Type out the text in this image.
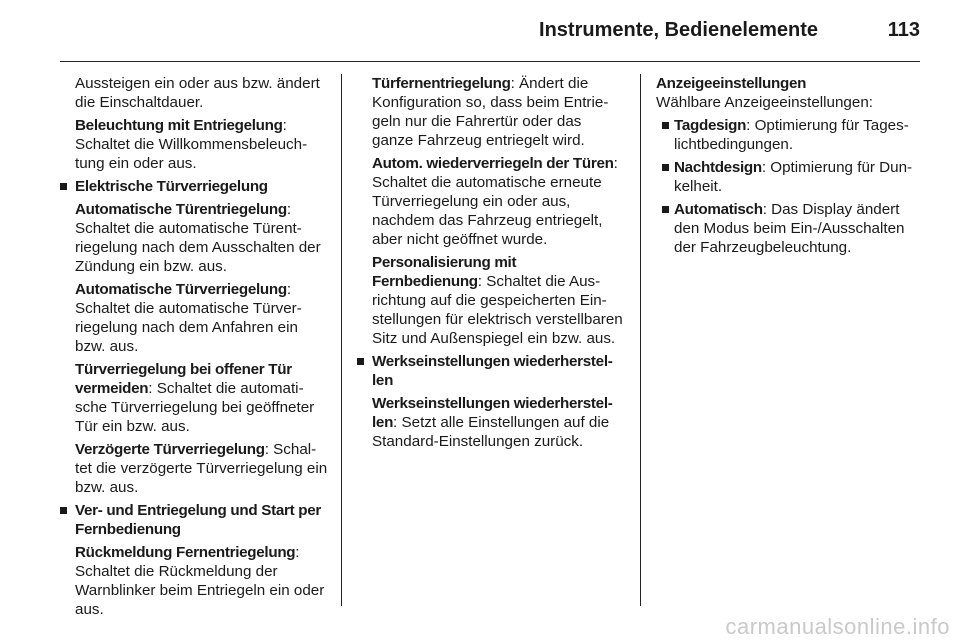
Instrumente, Bedienelemente	113

Aussteigen ein oder aus bzw. ändert die Einschaltdauer.

Beleuchtung mit Entriegelung: Schaltet die Willkommensbeleuchtung ein oder aus.

Elektrische Türverriegelung

Automatische Türentriegelung: Schaltet die automatische Türentriegelung nach dem Ausschalten der Zündung ein bzw. aus.

Automatische Türverriegelung: Schaltet die automatische Türverriegelung nach dem Anfahren ein bzw. aus.

Türverriegelung bei offener Tür vermeiden: Schaltet die automatische Türverriegelung bei geöffneter Tür ein bzw. aus.

Verzögerte Türverriegelung: Schaltet die verzögerte Türverriegelung ein bzw. aus.

Ver- und Entriegelung und Start per Fernbedienung

Rückmeldung Fernentriegelung: Schaltet die Rückmeldung der Warnblinker beim Entriegeln ein oder aus.

Türfernentriegelung: Ändert die Konfiguration so, dass beim Entriegeln nur die Fahrertür oder das ganze Fahrzeug entriegelt wird.

Autom. wiederverriegeln der Türen: Schaltet die automatische erneute Türverriegelung ein oder aus, nachdem das Fahrzeug entriegelt, aber nicht geöffnet wurde.

Personalisierung mit Fernbedienung: Schaltet die Ausrichtung auf die gespeicherten Einstellungen für elektrisch verstellbaren Sitz und Außenspiegel ein bzw. aus.

Werkseinstellungen wiederherstellen

Werkseinstellungen wiederherstellen: Setzt alle Einstellungen auf die Standard-Einstellungen zurück.

Anzeigeeinstellungen

Wählbare Anzeigeeinstellungen:

Tagdesign: Optimierung für Tageslichtbedingungen.
Nachtdesign: Optimierung für Dunkelheit.
Automatisch: Das Display ändert den Modus beim Ein-/Ausschalten der Fahrzeugbeleuchtung.
carmanualsonline.info
